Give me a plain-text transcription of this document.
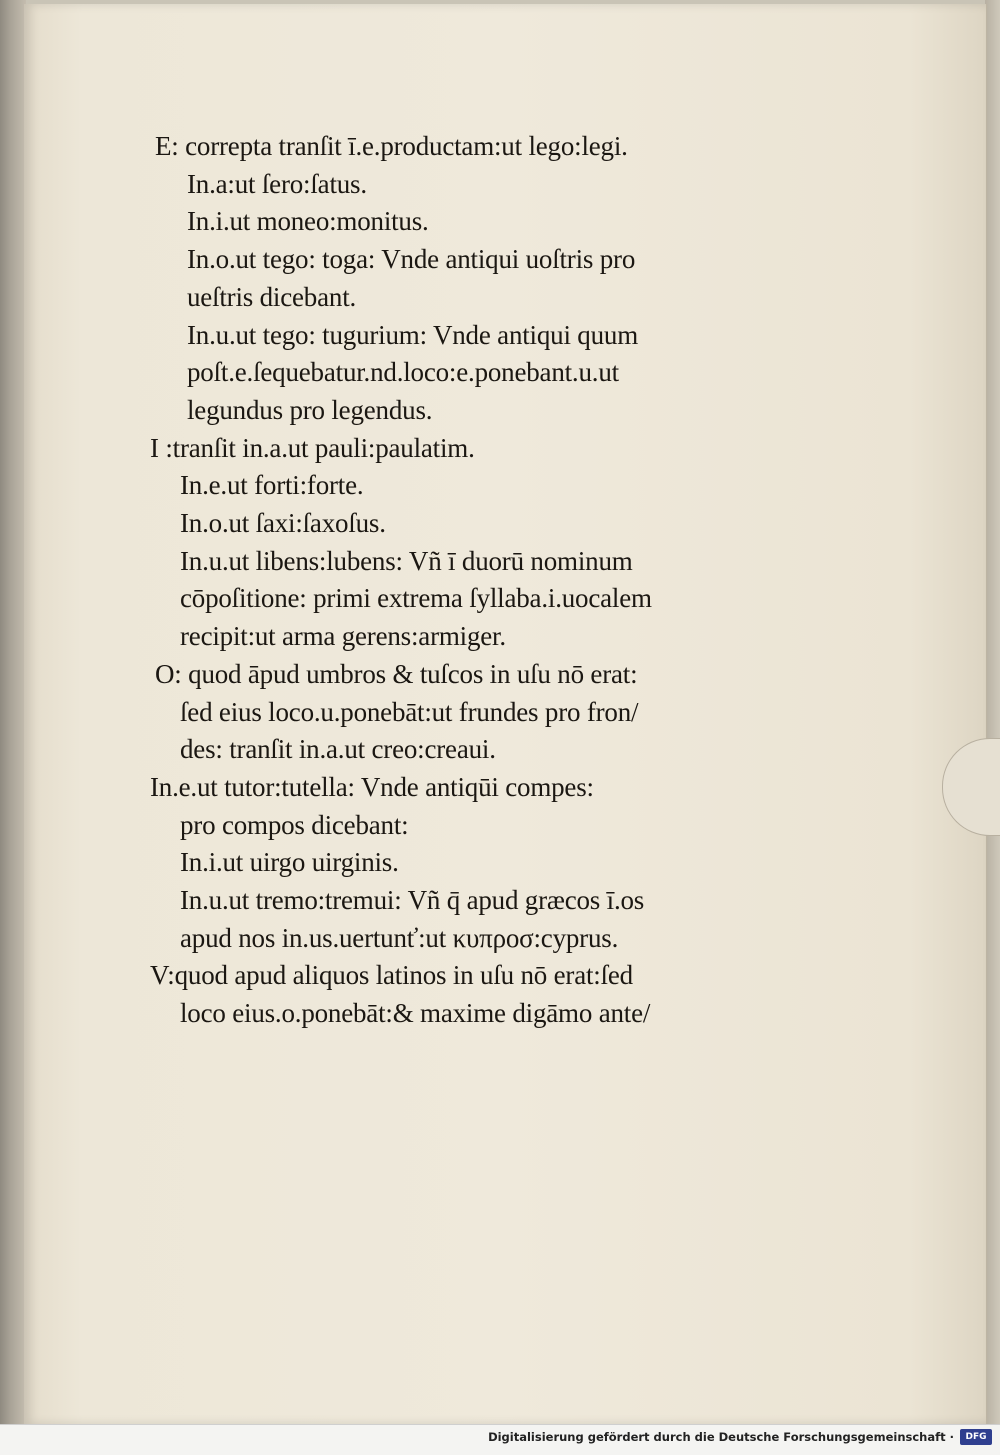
E: correpta tranſit ī.e.productam:ut lego:legi.
In.a:ut ſero:ſatus.
In.i.ut moneo:monitus.
In.o.ut tego: toga: Vnde antiqui uoſtris pro
ueſtris dicebant.
In.u.ut tego: tugurium: Vnde antiqui quum
poſt.e.ſequebatur.nd.loco:e.ponebant.u.ut
legundus pro legendus.
I :tranſit in.a.ut pauli:paulatim.
In.e.ut forti:forte.
In.o.ut ſaxi:ſaxoſus.
In.u.ut libens:lubens: Vñ ī duorū nominum
cōpoſitione: primi extrema ſyllaba.i.uocalem
recipit:ut arma gerens:armiger.
O: quod āpud umbros & tuſcos in uſu nō erat:
ſed eius loco.u.ponebāt:ut frundes pro fron/
des: tranſit in.a.ut creo:creaui.
In.e.ut tutor:tutella: Vnde antiqūi compes:
pro compos dicebant:
In.i.ut uirgo uirginis.
In.u.ut tremo:tremui: Vñ q̄ apud græcos ī.os
apud nos in.us.uertunť:ut κυπροσ:cyprus.
V:quod apud aliquos latinos in uſu nō erat:ſed
loco eius.o.ponebāt:& maxime digāmo ante/
Digitalisierung gefördert durch die Deutsche Forschungsgemeinschaft ·	DFG
